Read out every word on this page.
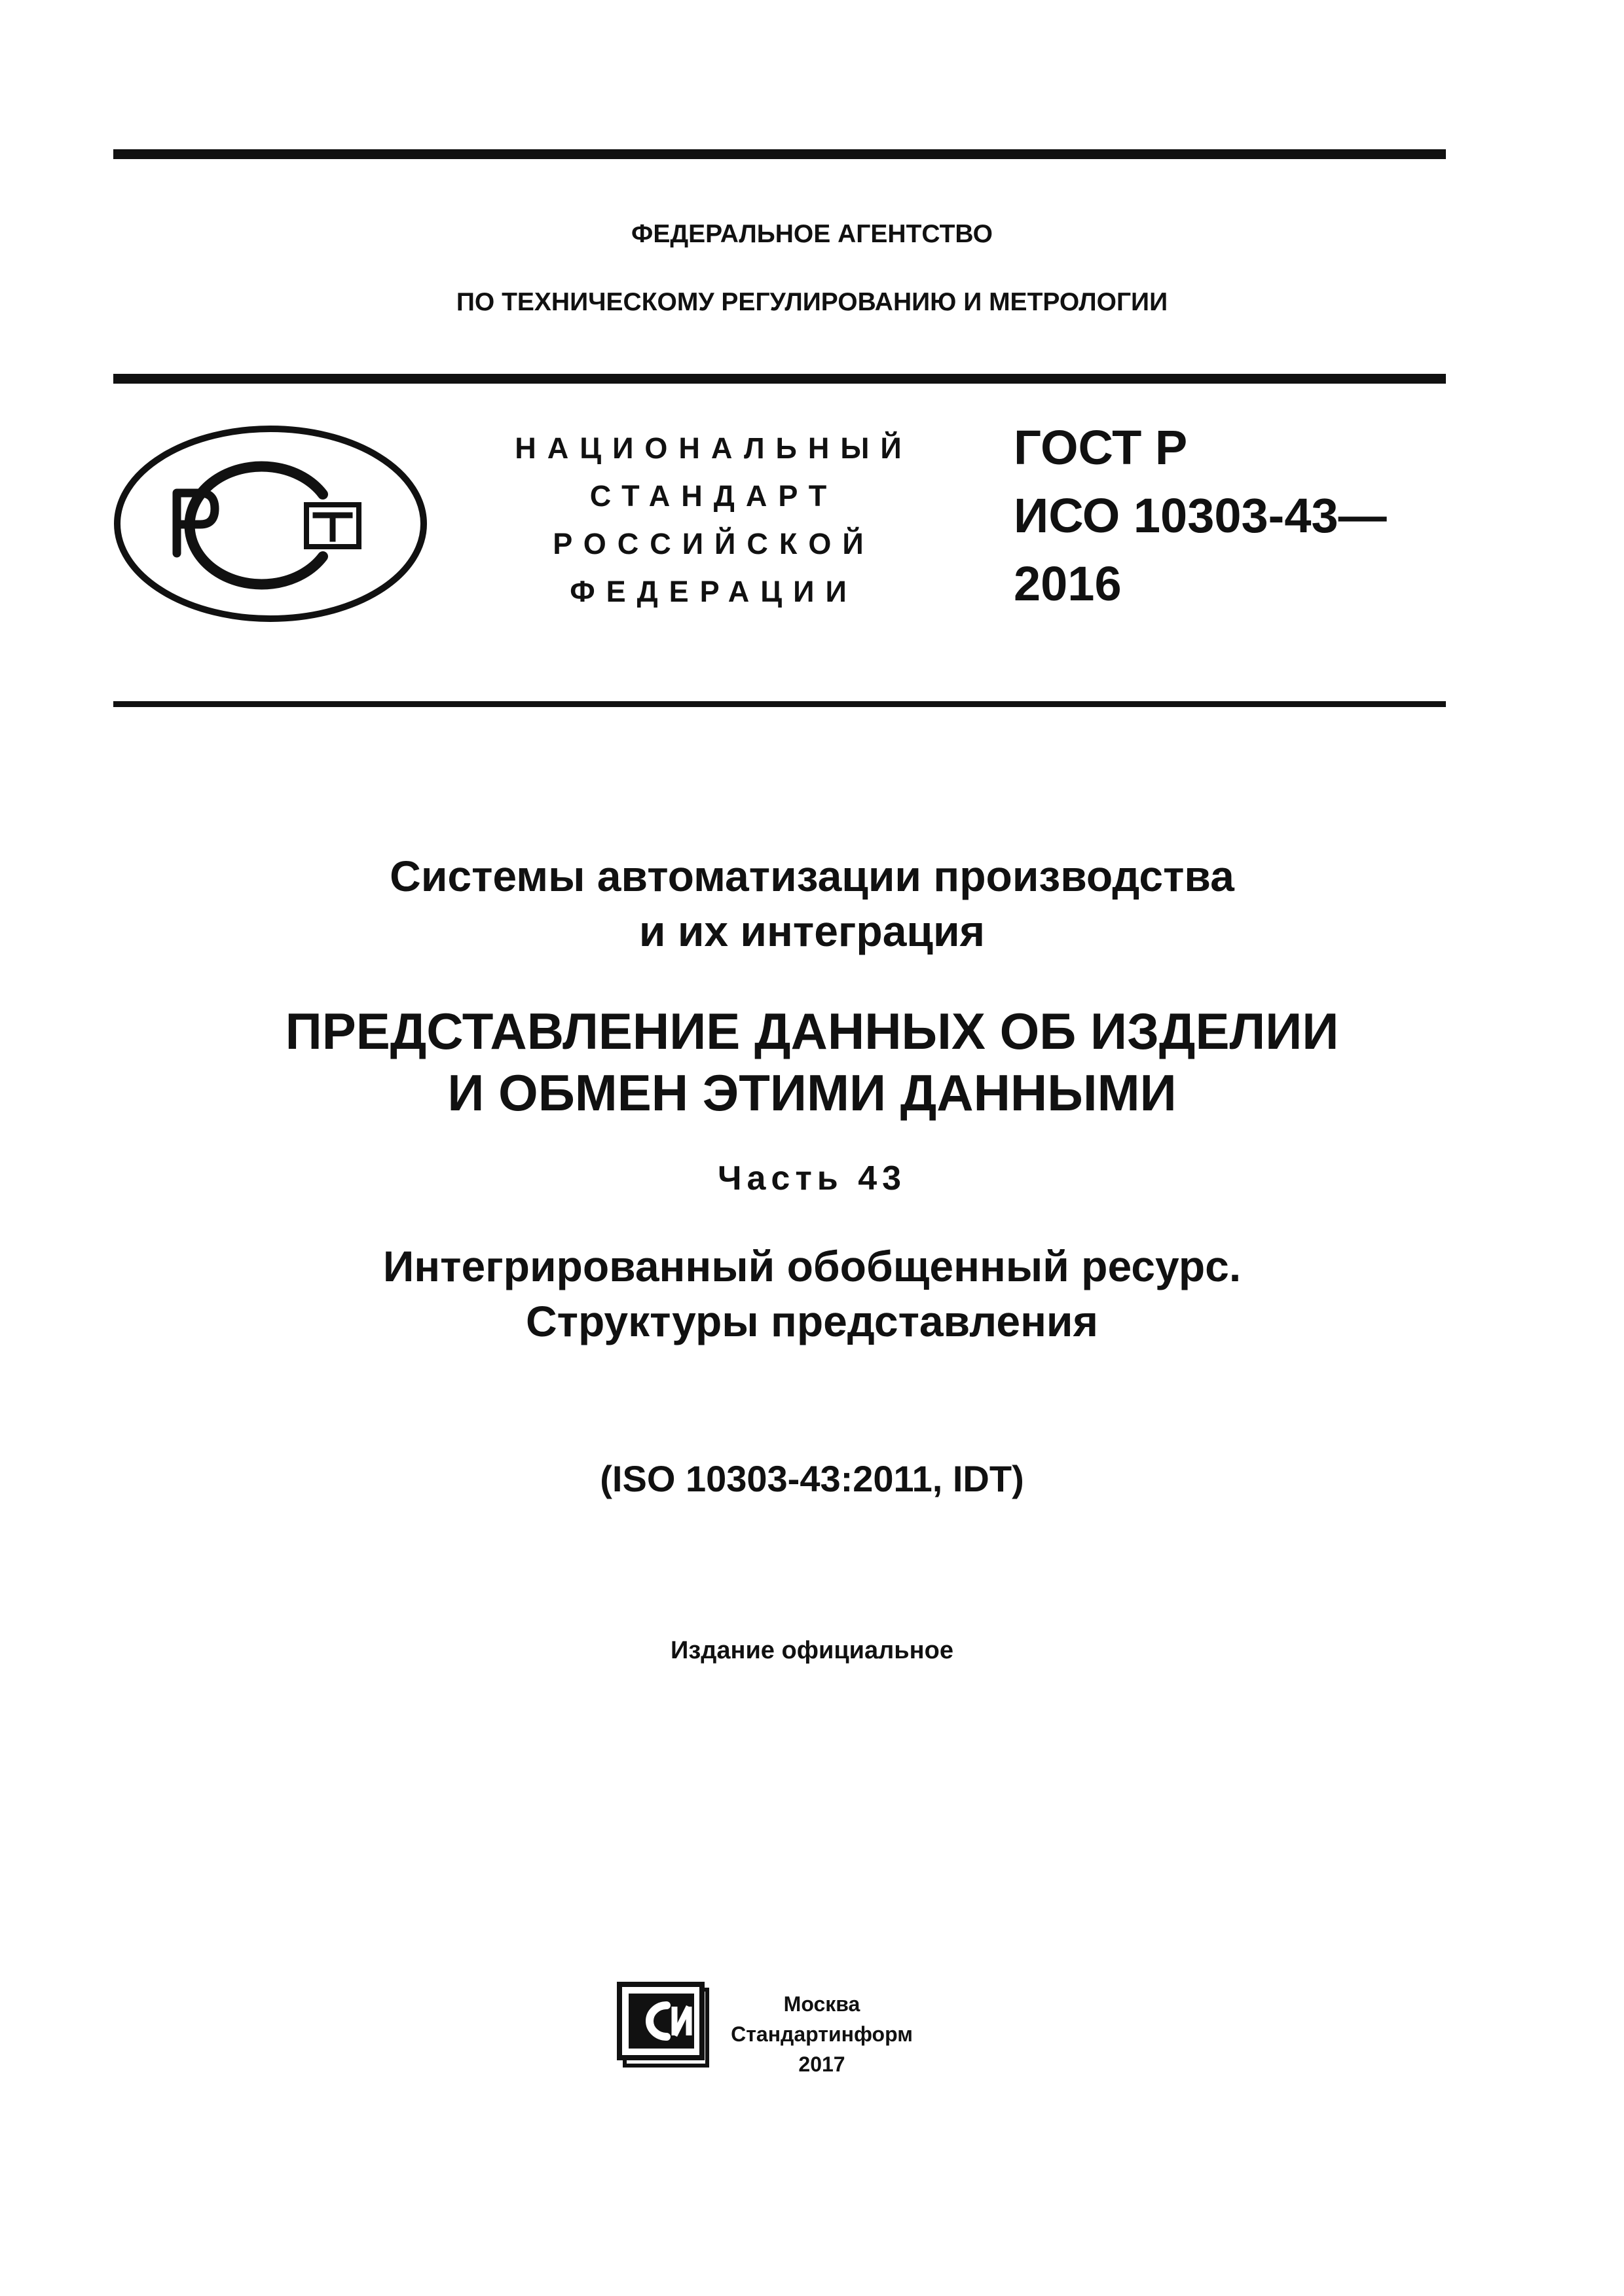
ФЕДЕРАЛЬНОЕ АГЕНТСТВО
ПО ТЕХНИЧЕСКОМУ РЕГУЛИРОВАНИЮ И МЕТРОЛОГИИ
НАЦИОНАЛЬНЫЙ
СТАНДАРТ
РОССИЙСКОЙ
ФЕДЕРАЦИИ
ГОСТ Р
ИСО 10303-43—
2016
Системы автоматизации производства
и их интеграция
ПРЕДСТАВЛЕНИЕ ДАННЫХ ОБ ИЗДЕЛИИ
И ОБМЕН ЭТИМИ ДАННЫМИ
Часть 43
Интегрированный обобщенный ресурс.
Структуры представления
(ISO 10303-43:2011, IDT)
Издание официальное
Москва
Стандартинформ
2017
